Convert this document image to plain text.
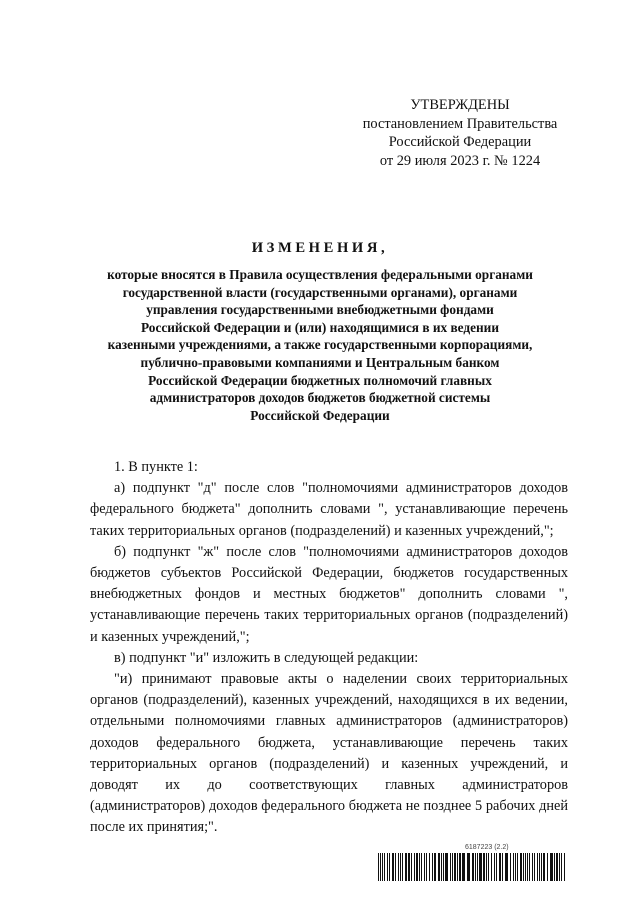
УТВЕРЖДЕНЫ
постановлением Правительства
Российской Федерации
от 29 июля 2023 г. № 1224
ИЗМЕНЕНИЯ,
которые вносятся в Правила осуществления федеральными органами
государственной власти (государственными органами), органами
управления государственными внебюджетными фондами
Российской Федерации и (или) находящимися в их ведении
казенными учреждениями, а также государственными корпорациями,
публично-правовыми компаниями и Центральным банком
Российской Федерации бюджетных полномочий главных
администраторов доходов бюджетов бюджетной системы
Российской Федерации
1. В пункте 1:
а) подпункт "д" после слов "полномочиями администраторов доходов федерального бюджета" дополнить словами ", устанавливающие перечень таких территориальных органов (подразделений) и казенных учреждений,";
б) подпункт "ж" после слов "полномочиями администраторов доходов бюджетов субъектов Российской Федерации, бюджетов государственных внебюджетных фондов и местных бюджетов" дополнить словами ", устанавливающие перечень таких территориальных органов (подразделений) и казенных учреждений,";
в) подпункт "и" изложить в следующей редакции:
"и) принимают правовые акты о наделении своих территориальных органов (подразделений), казенных учреждений, находящихся в их ведении, отдельными полномочиями главных администраторов (администраторов) доходов федерального бюджета, устанавливающие перечень таких территориальных органов (подразделений) и казенных учреждений, и доводят их до соответствующих главных администраторов (администраторов) доходов федерального бюджета не позднее 5 рабочих дней после их принятия;".
6187223 (2.2)
